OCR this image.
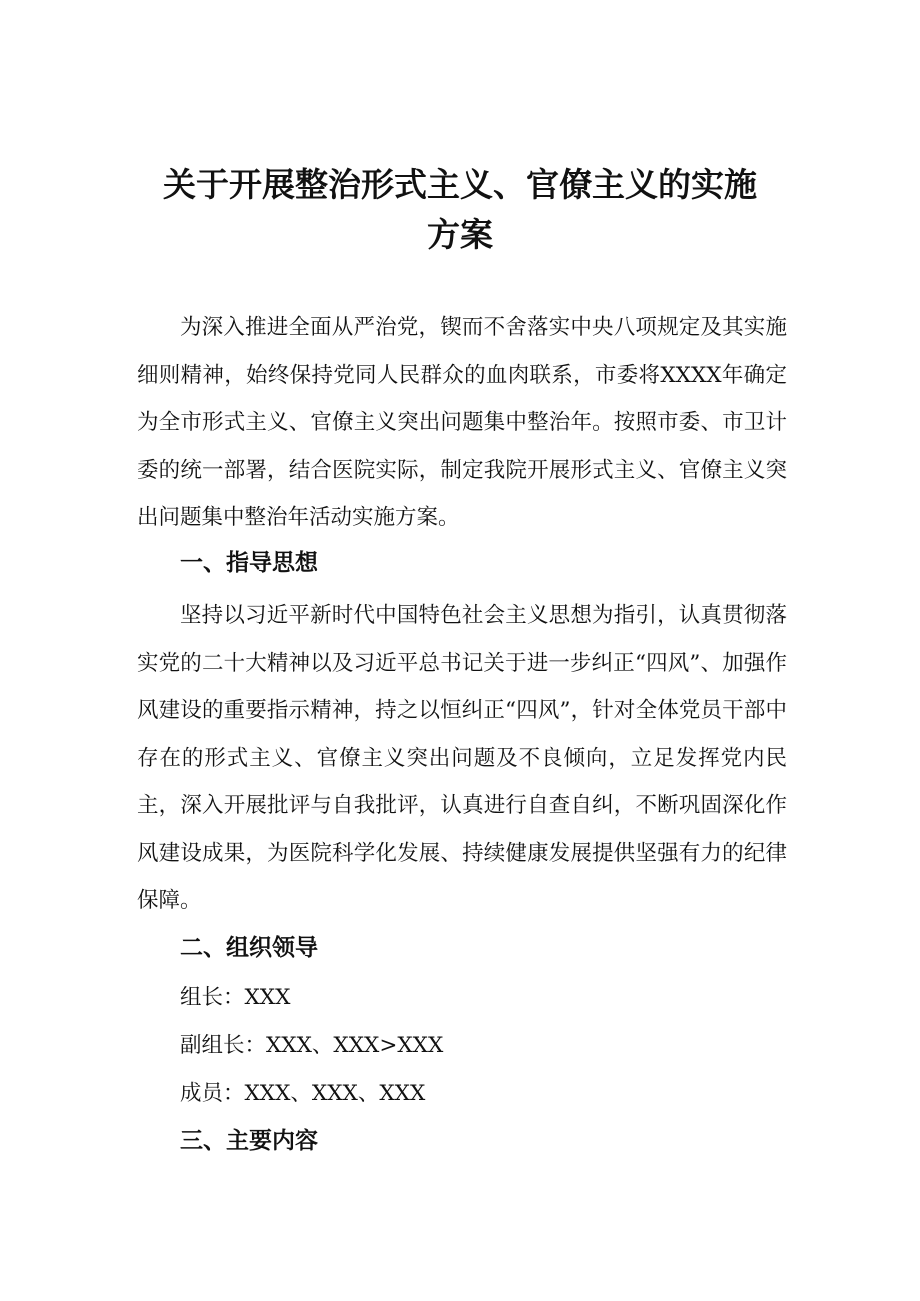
关于开展整治形式主义、官僚主义的实施
方案

为深入推进全面从严治党，锲而不舍落实中央八项规定及其实施细则精神，始终保持党同人民群众的血肉联系，市委将XXXX年确定为全市形式主义、官僚主义突出问题集中整治年。按照市委、市卫计委的统一部署，结合医院实际，制定我院开展形式主义、官僚主义突出问题集中整治年活动实施方案。

一、指导思想

坚持以习近平新时代中国特色社会主义思想为指引，认真贯彻落实党的二十大精神以及习近平总书记关于进一步纠正“四风”、加强作风建设的重要指示精神，持之以恒纠正“四风”，针对全体党员干部中存在的形式主义、官僚主义突出问题及不良倾向，立足发挥党内民主，深入开展批评与自我批评，认真进行自查自纠，不断巩固深化作风建设成果，为医院科学化发展、持续健康发展提供坚强有力的纪律保障。

二、组织领导

组长：XXX

副组长：XXX、XXX>XXX

成员：XXX、XXX、XXX

三、主要内容
